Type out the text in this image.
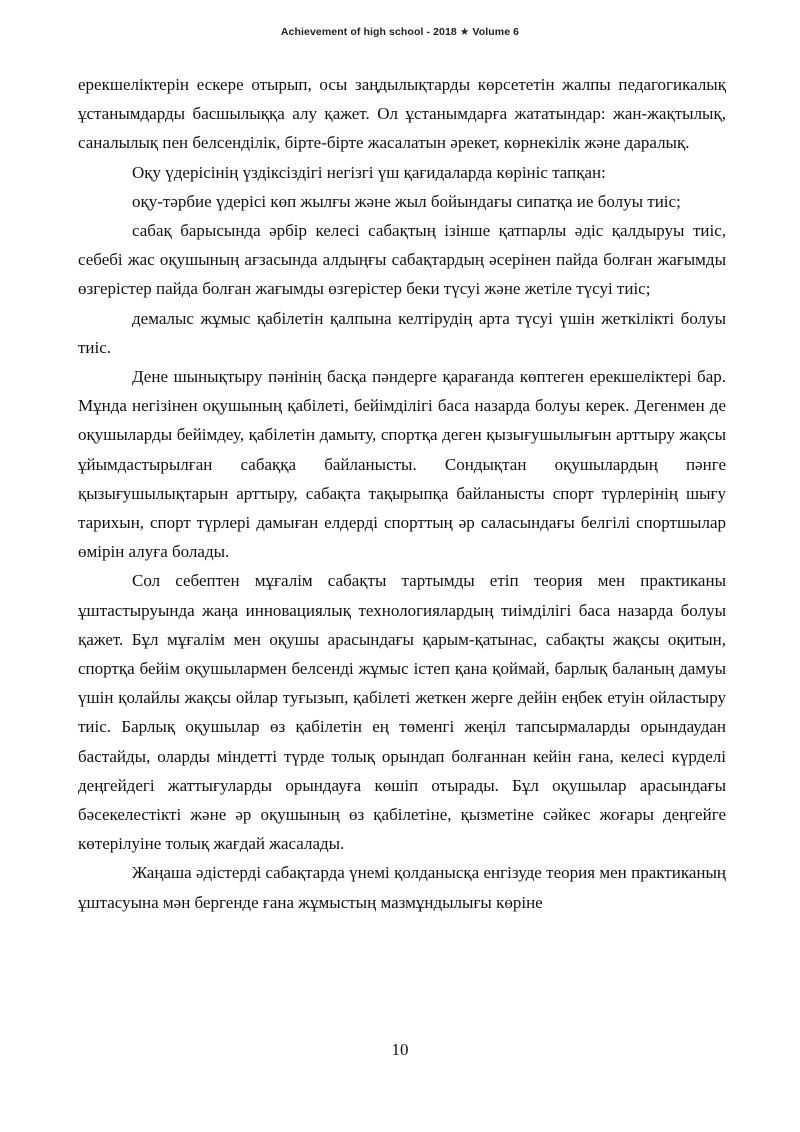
Achievement of high school - 2018 ★ Volume 6

ерекшеліктерін ескере отырып, осы заңдылықтарды көрсететін жалпы педагогикалық ұстанымдарды басшылыққа алу қажет. Ол ұстанымдарға жататындар: жан-жақтылық, саналылық пен белсенділік, бірте-бірте жасалатын әрекет, көрнекілік және даралық.

Оқу үдерісінің үздіксіздігі негізгі үш қағидаларда көрініс тапқан:

оқу-тәрбие үдерісі көп жылғы және жыл бойындағы сипатқа ие болуы тиіс;

сабақ барысында әрбір келесі сабақтың ізінше қатпарлы әдіс қалдыруы тиіс, себебі жас оқушының ағзасында алдыңғы сабақтардың әсерінен пайда болған жағымды өзгерістер пайда болған жағымды өзгерістер беки түсуі және жетіле түсуі тиіс;

демалыс жұмыс қабілетін қалпына келтірудің арта түсуі үшін жеткілікті болуы тиіс.

Дене шынықтыру пәнінің басқа пәндерге қарағанда көптеген ерекшеліктері бар. Мұнда негізінен оқушының қабілеті, бейімділігі баса назарда болуы керек. Дегенмен де оқушыларды бейімдеу, қабілетін дамыту, спортқа деген қызығушылығын арттыру жақсы ұйымдастырылған сабаққа байланысты. Сондықтан оқушылардың пәнге қызығушылықтарын арттыру, сабақта тақырыпқа байланысты спорт түрлерінің шығу тарихын, спорт түрлері дамыған елдерді спорттың әр саласындағы белгілі спортшылар өмірін алуға болады.

Сол себептен мұғалім сабақты тартымды етіп теория мен практиканы ұштастыруында жаңа инновациялық технологиялардың тиімділігі баса назарда болуы қажет. Бұл мұғалім мен оқушы арасындағы қарым-қатынас, сабақты жақсы оқитын, спортқа бейім оқушылармен белсенді жұмыс істеп қана қоймай, барлық баланың дамуы үшін қолайлы жақсы ойлар туғызып, қабілеті жеткен жерге дейін еңбек етуін ойластыру тиіс. Барлық оқушылар өз қабілетін ең төменгі жеңіл тапсырмаларды орындаудан бастайды, оларды міндетті түрде толық орындап болғаннан кейін ғана, келесі күрделі деңгейдегі жаттығуларды орындауға көшіп отырады. Бұл оқушылар арасындағы бәсекелестікті және әр оқушының өз қабілетіне, қызметіне сәйкес жоғары деңгейге көтерілуіне толық жағдай жасалады.

Жаңаша әдістерді сабақтарда үнемі қолданысқа енгізуде теория мен практиканың ұштасуына мән бергенде ғана жұмыстың мазмұндылығы көріне

10
